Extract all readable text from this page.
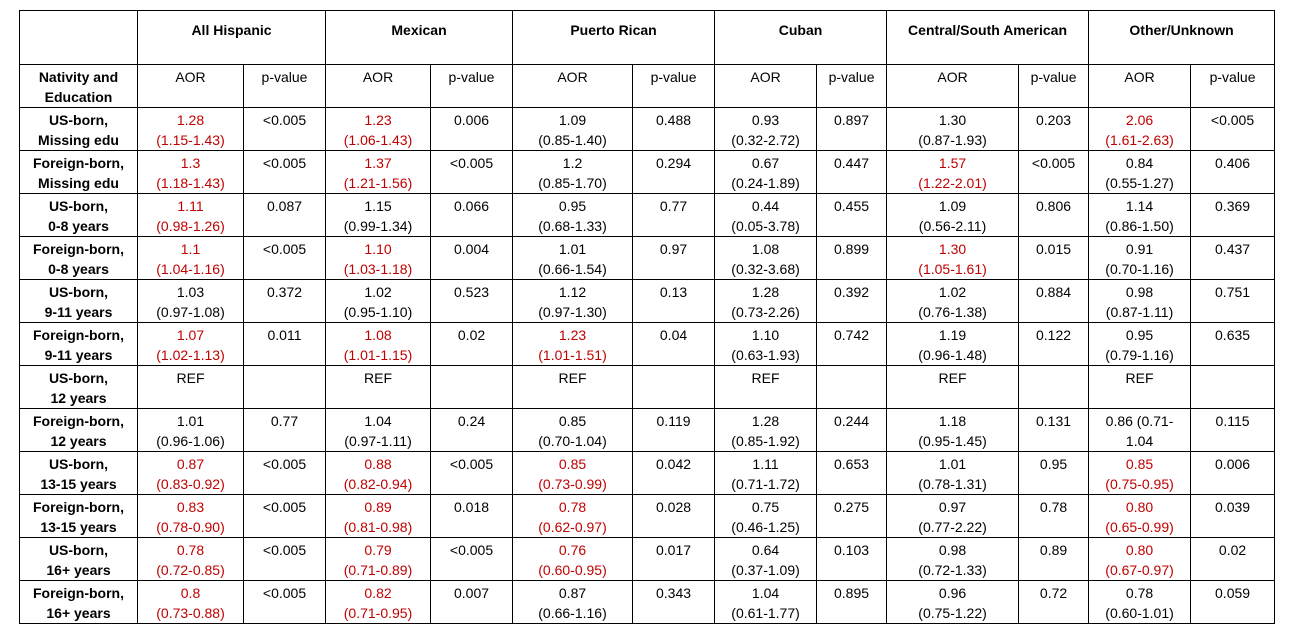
	All Hispanic		Mexican		Puerto Rican		Cuban		Central/South American		Other/Unknown	

Nativity and
Education	AOR	p-value	AOR	p-value	AOR	p-value	AOR	p-value	AOR	p-value	AOR	p-value

US-born,
Missing edu	1.28
(1.15-1.43)	<0.005	1.23
(1.06-1.43)	0.006	1.09
(0.85-1.40)	0.488	0.93
(0.32-2.72)	0.897	1.30
(0.87-1.93)	0.203	2.06
(1.61-2.63)	<0.005

Foreign-born,
Missing edu	1.3
(1.18-1.43)	<0.005	1.37
(1.21-1.56)	<0.005	1.2
(0.85-1.70)	0.294	0.67
(0.24-1.89)	0.447	1.57
(1.22-2.01)	<0.005	0.84
(0.55-1.27)	0.406

US-born,
0-8 years	1.11
(0.98-1.26)	0.087	1.15
(0.99-1.34)	0.066	0.95
(0.68-1.33)	0.77	0.44
(0.05-3.78)	0.455	1.09
(0.56-2.11)	0.806	1.14
(0.86-1.50)	0.369

Foreign-born,
0-8 years	1.1
(1.04-1.16)	<0.005	1.10
(1.03-1.18)	0.004	1.01
(0.66-1.54)	0.97	1.08
(0.32-3.68)	0.899	1.30
(1.05-1.61)	0.015	0.91
(0.70-1.16)	0.437

US-born,
9-11 years	1.03
(0.97-1.08)	0.372	1.02
(0.95-1.10)	0.523	1.12
(0.97-1.30)	0.13	1.28
(0.73-2.26)	0.392	1.02
(0.76-1.38)	0.884	0.98
(0.87-1.11)	0.751

Foreign-born,
9-11 years	1.07
(1.02-1.13)	0.011	1.08
(1.01-1.15)	0.02	1.23
(1.01-1.51)	0.04	1.10
(0.63-1.93)	0.742	1.19
(0.96-1.48)	0.122	0.95
(0.79-1.16)	0.635

US-born,
12 years	REF		REF		REF		REF		REF		REF	

Foreign-born,
12 years	1.01
(0.96-1.06)	0.77	1.04
(0.97-1.11)	0.24	0.85
(0.70-1.04)	0.119	1.28
(0.85-1.92)	0.244	1.18
(0.95-1.45)	0.131	0.86 (0.71-
1.04	0.115

US-born,
13-15 years	0.87
(0.83-0.92)	<0.005	0.88
(0.82-0.94)	<0.005	0.85
(0.73-0.99)	0.042	1.11
(0.71-1.72)	0.653	1.01
(0.78-1.31)	0.95	0.85
(0.75-0.95)	0.006

Foreign-born,
13-15 years	0.83
(0.78-0.90)	<0.005	0.89
(0.81-0.98)	0.018	0.78
(0.62-0.97)	0.028	0.75
(0.46-1.25)	0.275	0.97
(0.77-2.22)	0.78	0.80
(0.65-0.99)	0.039

US-born,
16+ years	0.78
(0.72-0.85)	<0.005	0.79
(0.71-0.89)	<0.005	0.76
(0.60-0.95)	0.017	0.64
(0.37-1.09)	0.103	0.98
(0.72-1.33)	0.89	0.80
(0.67-0.97)	0.02

Foreign-born,
16+ years	0.8
(0.73-0.88)	<0.005	0.82
(0.71-0.95)	0.007	0.87
(0.66-1.16)	0.343	1.04
(0.61-1.77)	0.895	0.96
(0.75-1.22)	0.72	0.78
(0.60-1.01)	0.059
